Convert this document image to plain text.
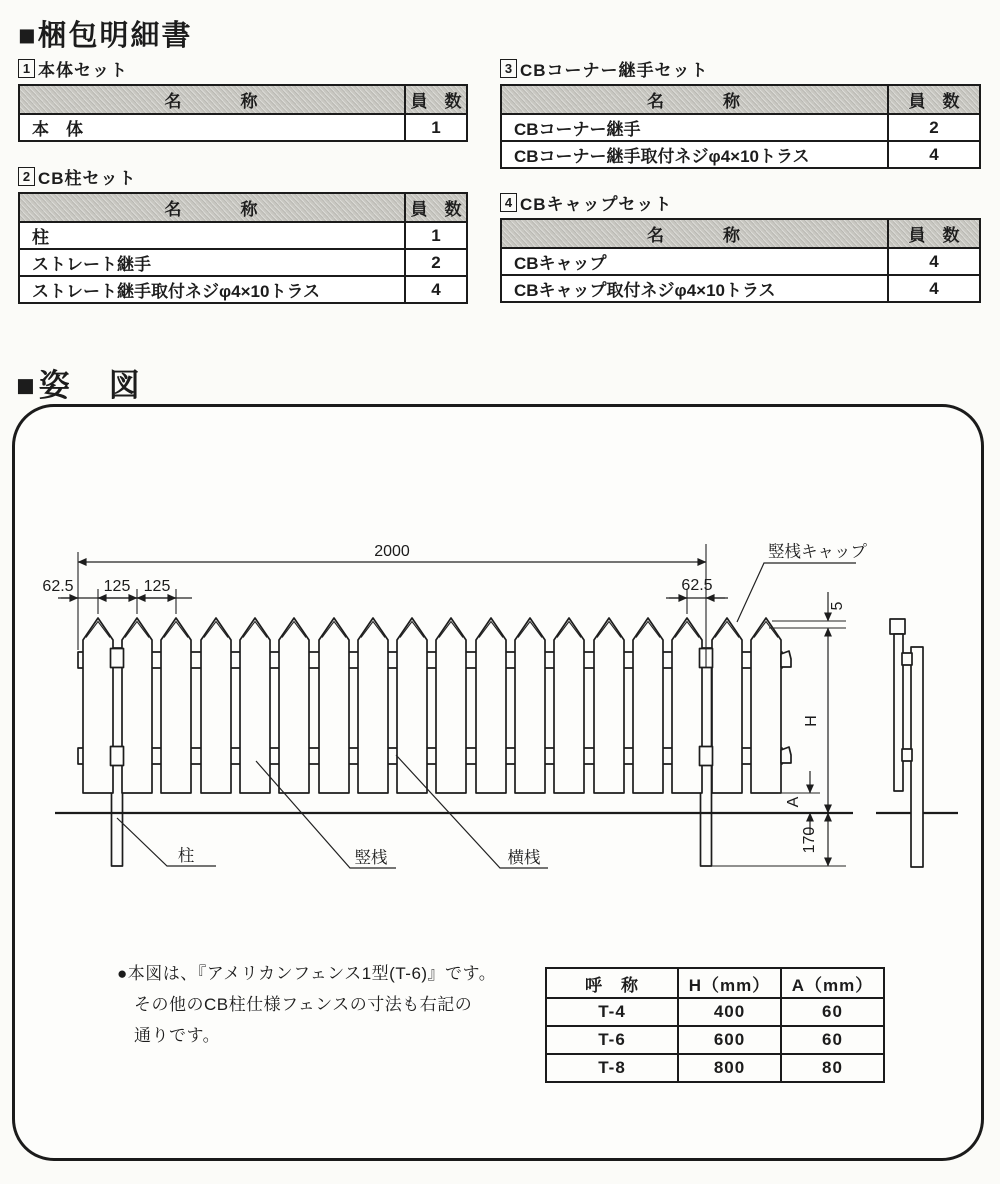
■梱包明細書
1 本体セット
名　　　称	員　数
本　体	1
2 CB柱セット
名　　　称	員　数
柱	1
ストレート継手	2
ストレート継手取付ネジφ4×10トラス	4
3 CBコーナー継手セット
名　　　称	員　数
CBコーナー継手	2
CBコーナー継手取付ネジφ4×10トラス	4
4 CBキャップセット
名　　　称	員　数
CBキャップ	4
CBキャップ取付ネジφ4×10トラス	4
■姿　図
2000
62.5 125 125	62.5
5
H
A
170
竪桟キャップ
柱	竪桟	横桟
●本図は、『アメリカンフェンス1型(T-6)』です。
その他のCB柱仕様フェンスの寸法も右記の
通りです。
呼　称	H（mm）	A（mm）
T-4	400	60
T-6	600	60
T-8	800	80
